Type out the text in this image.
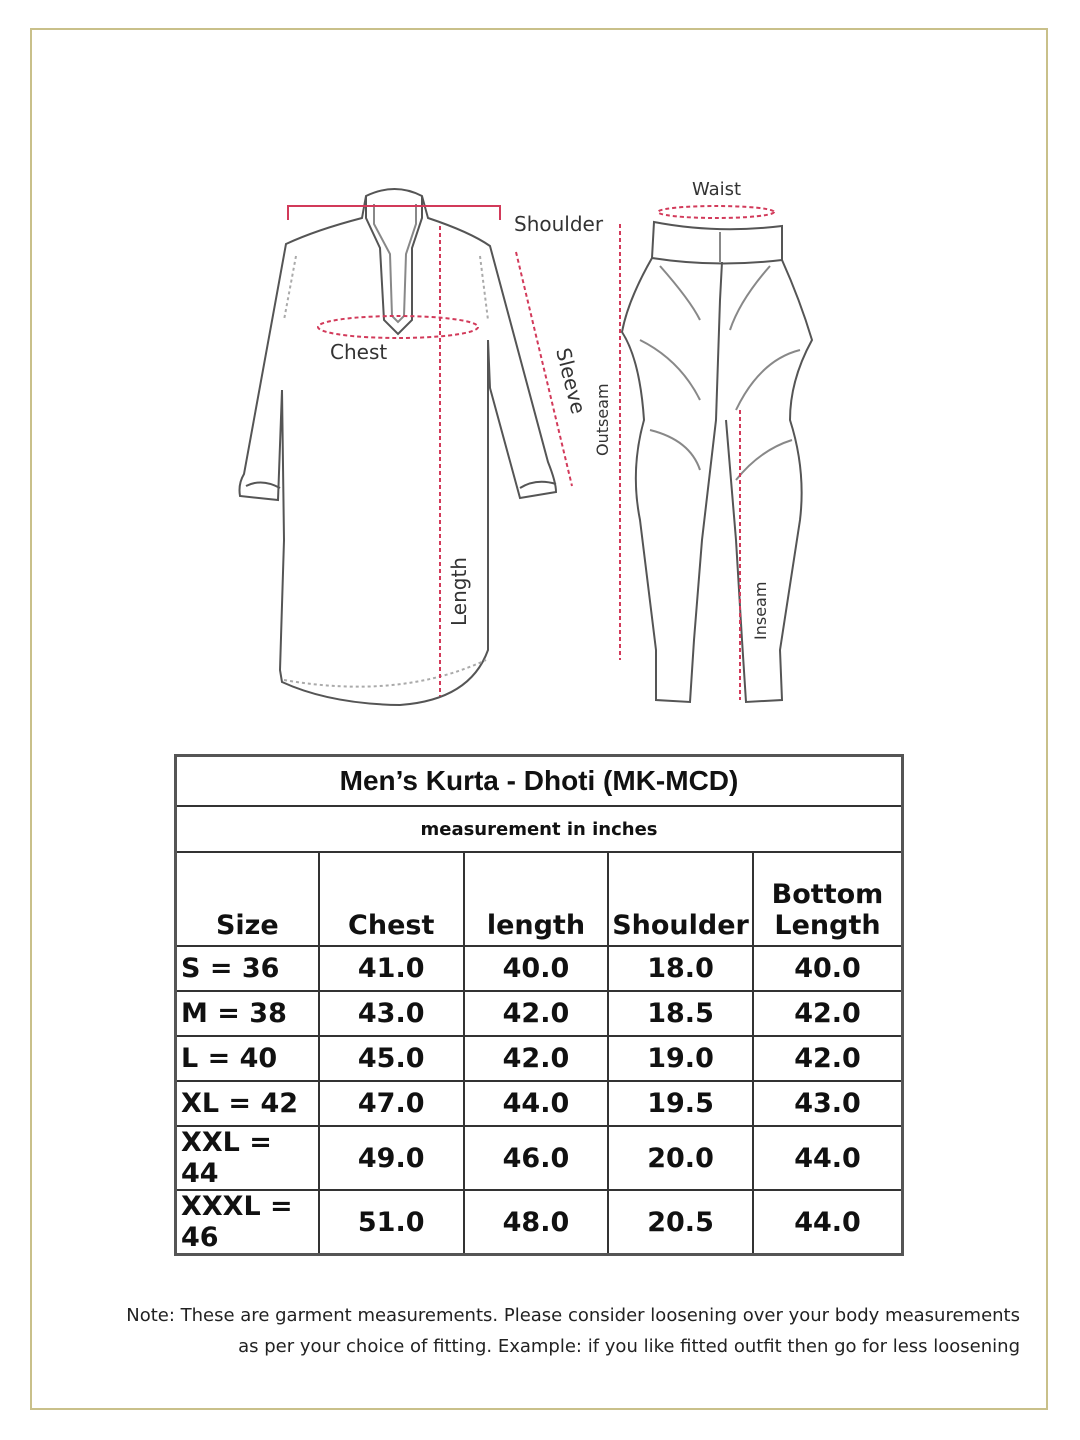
Shoulder
Chest	Sleeve
Length
Waist
Outseam
Inseam
Men’s Kurta - Dhoti (MK-MCD)				
measurement in inches				
Size	Chest	length	Shoulder	Bottom
Length
S = 36	41.0	40.0	18.0	40.0
M = 38	43.0	42.0	18.5	42.0
L = 40	45.0	42.0	19.0	42.0
XL = 42	47.0	44.0	19.5	43.0
XXL = 44	49.0	46.0	20.0	44.0
XXXL = 46	51.0	48.0	20.5	44.0
Note: These are garment measurements. Please consider loosening over your body measurements
as per your choice of fitting. Example: if you like fitted outfit then go for less loosening
